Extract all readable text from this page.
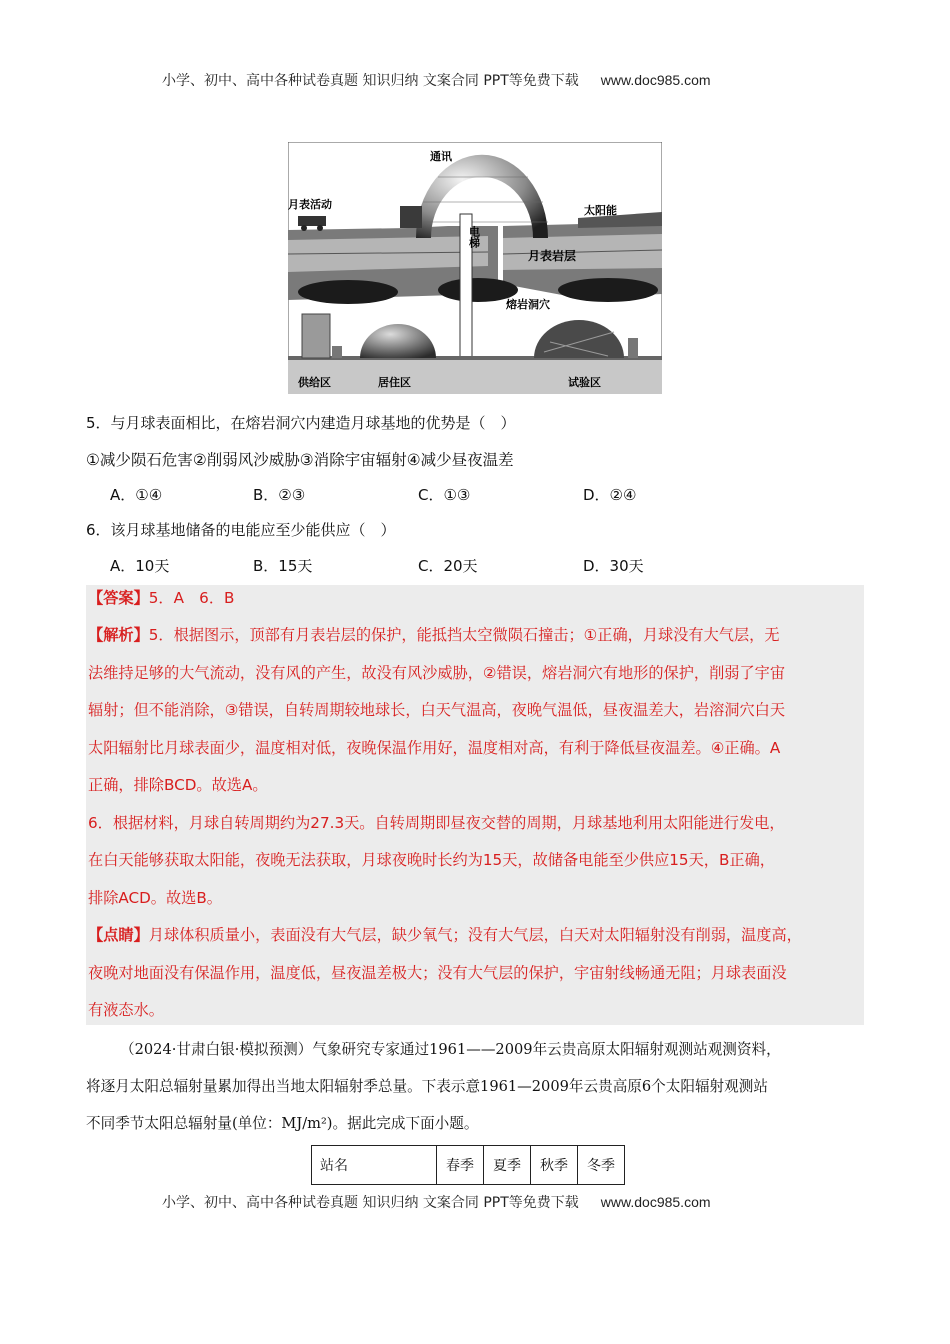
小学、初中、高中各种试卷真题 知识归纳 文案合同 PPT等免费下载 www.doc985.com
通讯
月表活动
电梯
太阳能
月表岩层
熔岩洞穴
供给区	居住区	试验区
5．与月球表面相比，在熔岩洞穴内建造月球基地的优势是（　）
①减少陨石危害②削弱风沙威胁③消除宇宙辐射④减少昼夜温差
A．①④	B．②③	C．①③	D．②④
6．该月球基地储备的电能应至少能供应（　）
A．10天	B．15天	C．20天	D．30天
【答案】5．A　6．B
【解析】5．根据图示，顶部有月表岩层的保护，能抵挡太空微陨石撞击；①正确，月球没有大气层，无
法维持足够的大气流动，没有风的产生，故没有风沙威胁，②错误，熔岩洞穴有地形的保护，削弱了宇宙
辐射；但不能消除，③错误，自转周期较地球长，白天气温高，夜晚气温低，昼夜温差大，岩溶洞穴白天
太阳辐射比月球表面少，温度相对低，夜晚保温作用好，温度相对高，有利于降低昼夜温差。④正确。A
正确，排除BCD。故选A。
6．根据材料，月球自转周期约为27.3天。自转周期即昼夜交替的周期，月球基地利用太阳能进行发电，
在白天能够获取太阳能，夜晚无法获取，月球夜晚时长约为15天，故储备电能至少供应15天，B正确，
排除ACD。故选B。
【点睛】月球体积质量小，表面没有大气层，缺少氧气；没有大气层，白天对太阳辐射没有削弱，温度高，
夜晚对地面没有保温作用，温度低，昼夜温差极大；没有大气层的保护，宇宙射线畅通无阻；月球表面没
有液态水。
（2024·甘肃白银·模拟预测）气象研究专家通过1961——2009年云贵高原太阳辐射观测站观测资料，
将逐月太阳总辐射量累加得出当地太阳辐射季总量。下表示意1961—2009年云贵高原6个太阳辐射观测站
不同季节太阳总辐射量(单位：MJ/m²)。据此完成下面小题。
站名	春季	夏季	秋季	冬季
小学、初中、高中各种试卷真题 知识归纳 文案合同 PPT等免费下载 www.doc985.com
